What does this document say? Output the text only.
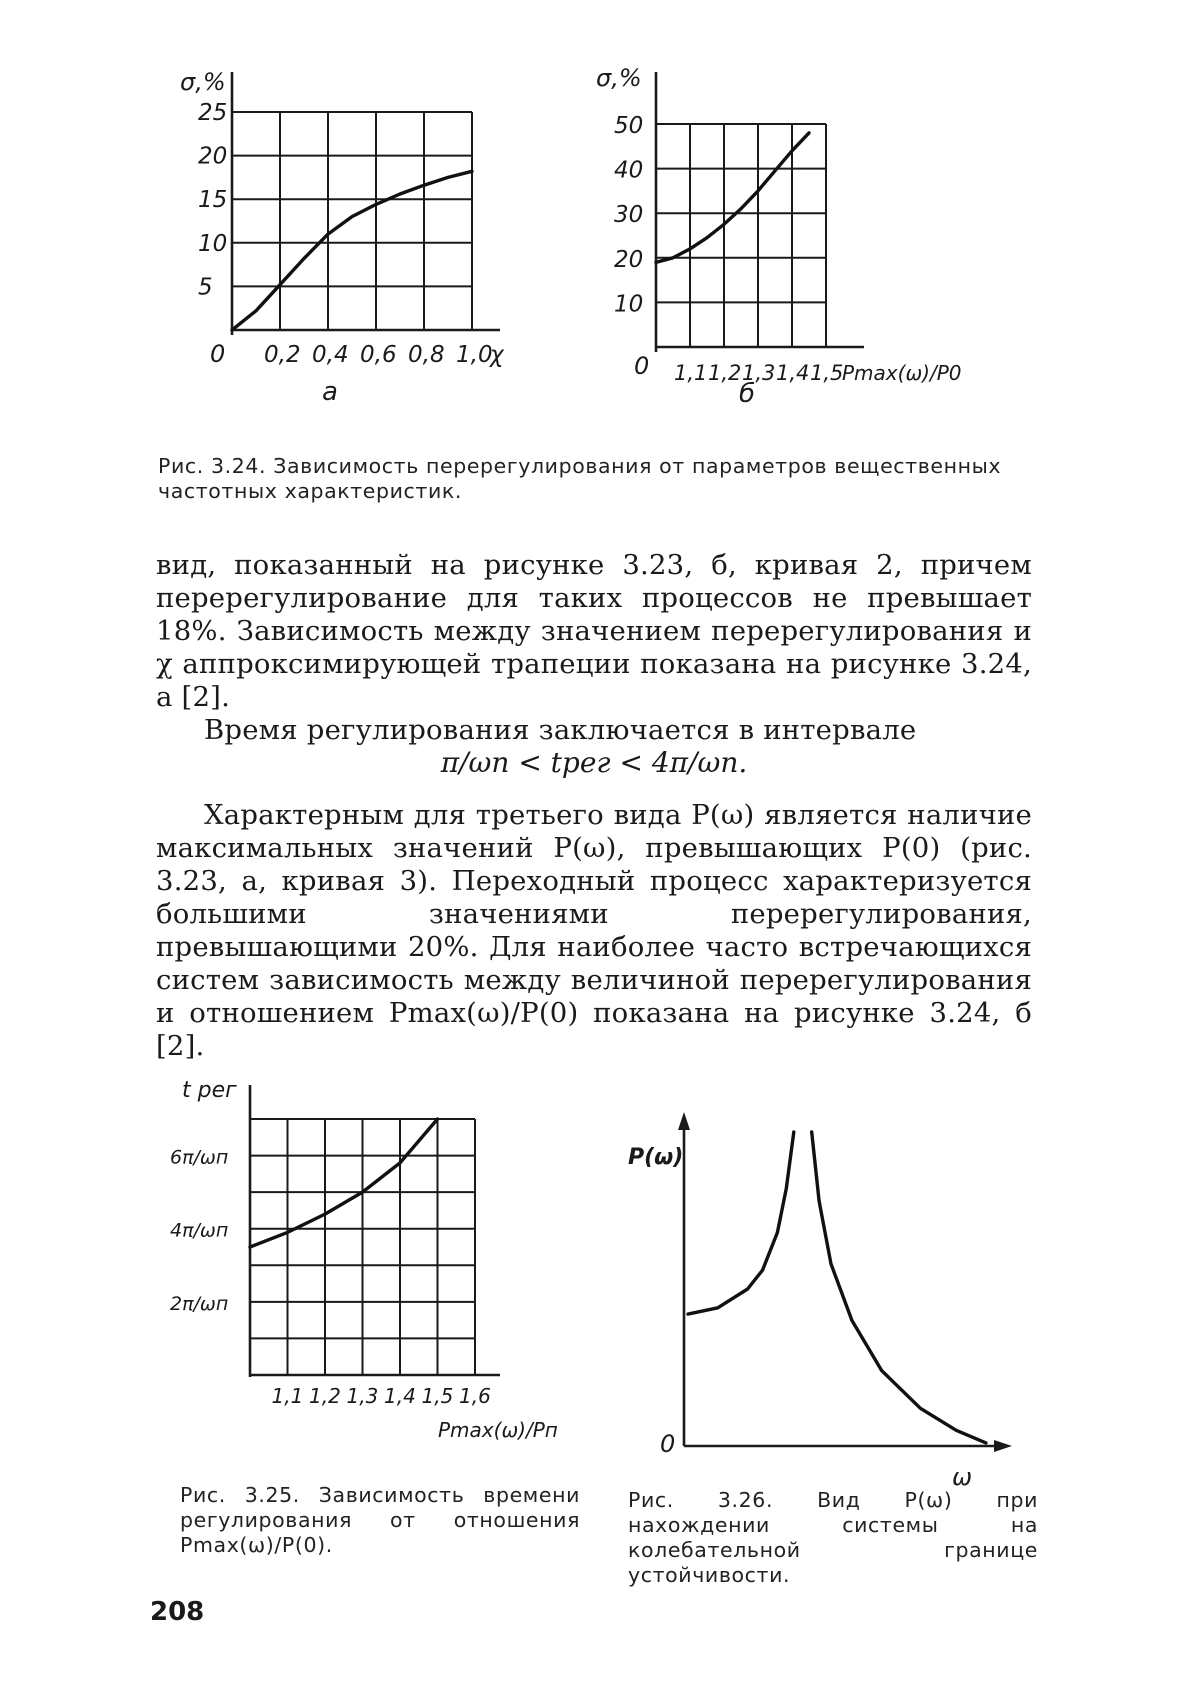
σ,%
0 0,2 0,4 0,6 0,8 1,0
5
10
15
20
25
χ
а
σ,%
0 1,1 1,2 1,3 1,4 1,5
10
20
30
40
50
Pmax(ω)/P0
б
Рис. 3.24. Зависимость перерегулирования от параметров вещественных частотных характеристик.

вид, показанный на рисунке 3.23, б, кривая 2, причем перерегулирование для таких процессов не превышает 18%. Зависимость между значением перерегулирования и χ аппроксимирующей трапеции показана на рисунке 3.24, а [2].

Время регулирования заключается в интервале

π/ωп < tрег < 4π/ωп.

Характерным для третьего вида P(ω) является наличие максимальных значений P(ω), превышающих P(0) (рис. 3.23, а, кривая 3). Переходный процесс характеризуется большими значениями перерегулирования, превышающими 20%. Для наиболее часто встречающихся систем зависимость между величиной перерегулирования и отношением Pmax(ω)/P(0) показана на рисунке 3.24, б [2].

t рег
1,1 1,2 1,3 1,4 1,5 1,6
2π/ωп
4π/ωп
6π/ωп
Pmax(ω)/Pп
Рис. 3.25. Зависимость времени регулирования от отношения Pmax(ω)/P(0).
P(ω)
0
ω
Рис. 3.26. Вид P(ω) при нахождении системы на колебательной границе устойчивости.
208
